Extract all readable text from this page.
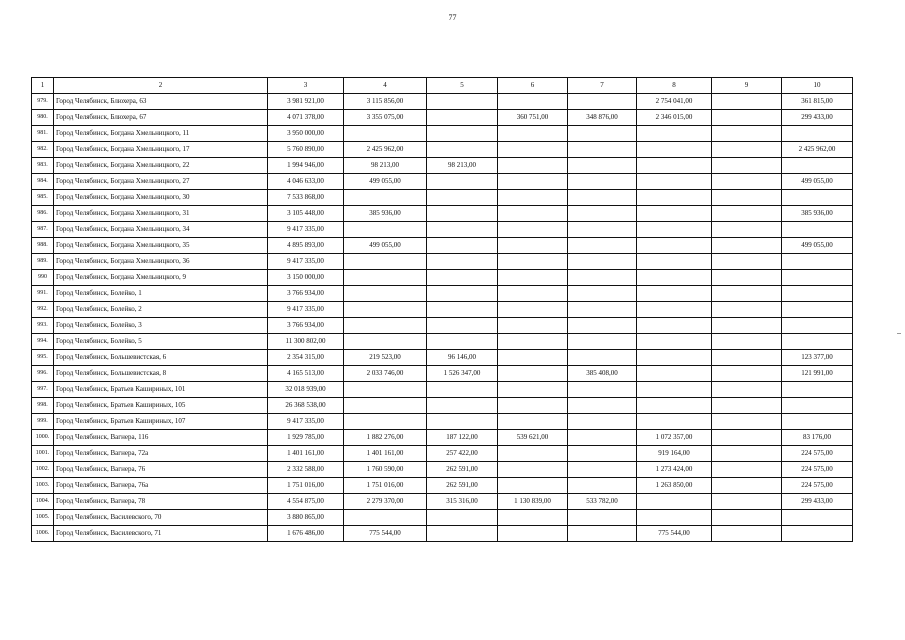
77
1	2	3	4	5	6	7	8	9	10
979.	Город Челябинск, Блюхера, 63	3 981 921,00	3 115 856,00				2 754 041,00		361 815,00
980.	Город Челябинск, Блюхера, 67	4 071 378,00	3 355 075,00		360 751,00	348 876,00	2 346 015,00		299 433,00
981.	Город Челябинск, Богдана Хмельницкого, 11	3 950 000,00							
982.	Город Челябинск, Богдана Хмельницкого, 17	5 760 890,00	2 425 962,00						2 425 962,00
983.	Город Челябинск, Богдана Хмельницкого, 22	1 994 946,00	98 213,00	98 213,00					
984.	Город Челябинск, Богдана Хмельницкого, 27	4 046 633,00	499 055,00						499 055,00
985.	Город Челябинск, Богдана Хмельницкого, 30	7 533 868,00							
986.	Город Челябинск, Богдана Хмельницкого, 31	3 105 448,00	385 936,00						385 936,00
987.	Город Челябинск, Богдана Хмельницкого, 34	9 417 335,00							
988.	Город Челябинск, Богдана Хмельницкого, 35	4 895 893,00	499 055,00						499 055,00
989.	Город Челябинск, Богдана Хмельницкого, 36	9 417 335,00							
990	Город Челябинск, Богдана Хмельницкого, 9	3 150 000,00							
991.	Город Челябинск, Болейко, 1	3 766 934,00							
992.	Город Челябинск, Болейко, 2	9 417 335,00							
993.	Город Челябинск, Болейко, 3	3 766 934,00							
994.	Город Челябинск, Болейко, 5	11 300 802,00							
995.	Город Челябинск, Большевистская, 6	2 354 315,00	219 523,00	96 146,00					123 377,00
996.	Город Челябинск, Большевистская, 8	4 165 513,00	2 033 746,00	1 526 347,00		385 408,00			121 991,00
997.	Город Челябинск, Братьев Кашириных, 101	32 018 939,00							
998.	Город Челябинск, Братьев Кашириных, 105	26 368 538,00							
999.	Город Челябинск, Братьев Кашириных, 107	9 417 335,00							
1000.	Город Челябинск, Вагнера, 116	1 929 785,00	1 882 276,00	187 122,00	539 621,00		1 072 357,00		83 176,00
1001.	Город Челябинск, Вагнера, 72а	1 401 161,00	1 401 161,00	257 422,00			919 164,00		224 575,00
1002.	Город Челябинск, Вагнера, 76	2 332 588,00	1 760 590,00	262 591,00			1 273 424,00		224 575,00
1003.	Город Челябинск, Вагнера, 76а	1 751 016,00	1 751 016,00	262 591,00			1 263 850,00		224 575,00
1004.	Город Челябинск, Вагнера, 78	4 554 875,00	2 279 370,00	315 316,00	1 130 839,00	533 782,00			299 433,00
1005.	Город Челябинск, Василевского, 70	3 880 865,00							
1006.	Город Челябинск, Василевского, 71	1 676 486,00	775 544,00				775 544,00		
